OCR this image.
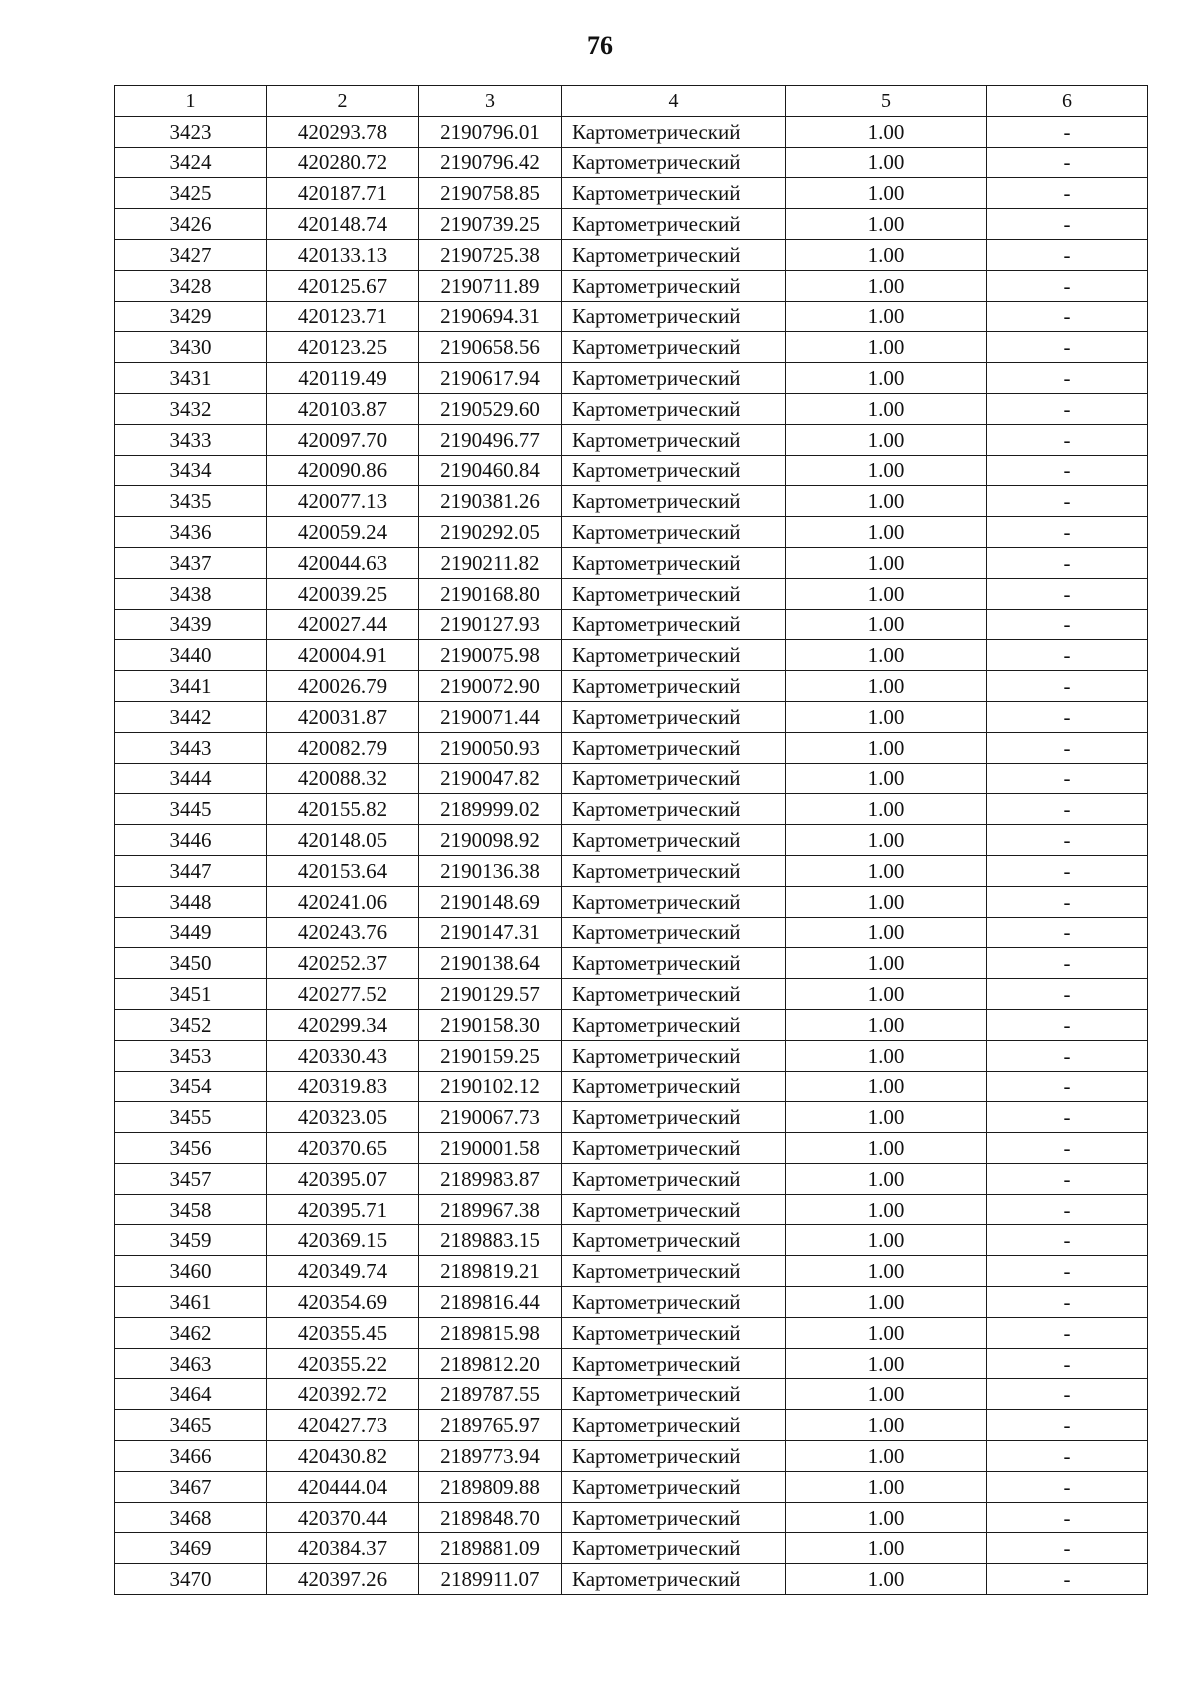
76
1	2	3	4	5	6
3423	420293.78	2190796.01	Картометрический	1.00	-
3424	420280.72	2190796.42	Картометрический	1.00	-
3425	420187.71	2190758.85	Картометрический	1.00	-
3426	420148.74	2190739.25	Картометрический	1.00	-
3427	420133.13	2190725.38	Картометрический	1.00	-
3428	420125.67	2190711.89	Картометрический	1.00	-
3429	420123.71	2190694.31	Картометрический	1.00	-
3430	420123.25	2190658.56	Картометрический	1.00	-
3431	420119.49	2190617.94	Картометрический	1.00	-
3432	420103.87	2190529.60	Картометрический	1.00	-
3433	420097.70	2190496.77	Картометрический	1.00	-
3434	420090.86	2190460.84	Картометрический	1.00	-
3435	420077.13	2190381.26	Картометрический	1.00	-
3436	420059.24	2190292.05	Картометрический	1.00	-
3437	420044.63	2190211.82	Картометрический	1.00	-
3438	420039.25	2190168.80	Картометрический	1.00	-
3439	420027.44	2190127.93	Картометрический	1.00	-
3440	420004.91	2190075.98	Картометрический	1.00	-
3441	420026.79	2190072.90	Картометрический	1.00	-
3442	420031.87	2190071.44	Картометрический	1.00	-
3443	420082.79	2190050.93	Картометрический	1.00	-
3444	420088.32	2190047.82	Картометрический	1.00	-
3445	420155.82	2189999.02	Картометрический	1.00	-
3446	420148.05	2190098.92	Картометрический	1.00	-
3447	420153.64	2190136.38	Картометрический	1.00	-
3448	420241.06	2190148.69	Картометрический	1.00	-
3449	420243.76	2190147.31	Картометрический	1.00	-
3450	420252.37	2190138.64	Картометрический	1.00	-
3451	420277.52	2190129.57	Картометрический	1.00	-
3452	420299.34	2190158.30	Картометрический	1.00	-
3453	420330.43	2190159.25	Картометрический	1.00	-
3454	420319.83	2190102.12	Картометрический	1.00	-
3455	420323.05	2190067.73	Картометрический	1.00	-
3456	420370.65	2190001.58	Картометрический	1.00	-
3457	420395.07	2189983.87	Картометрический	1.00	-
3458	420395.71	2189967.38	Картометрический	1.00	-
3459	420369.15	2189883.15	Картометрический	1.00	-
3460	420349.74	2189819.21	Картометрический	1.00	-
3461	420354.69	2189816.44	Картометрический	1.00	-
3462	420355.45	2189815.98	Картометрический	1.00	-
3463	420355.22	2189812.20	Картометрический	1.00	-
3464	420392.72	2189787.55	Картометрический	1.00	-
3465	420427.73	2189765.97	Картометрический	1.00	-
3466	420430.82	2189773.94	Картометрический	1.00	-
3467	420444.04	2189809.88	Картометрический	1.00	-
3468	420370.44	2189848.70	Картометрический	1.00	-
3469	420384.37	2189881.09	Картометрический	1.00	-
3470	420397.26	2189911.07	Картометрический	1.00	-
